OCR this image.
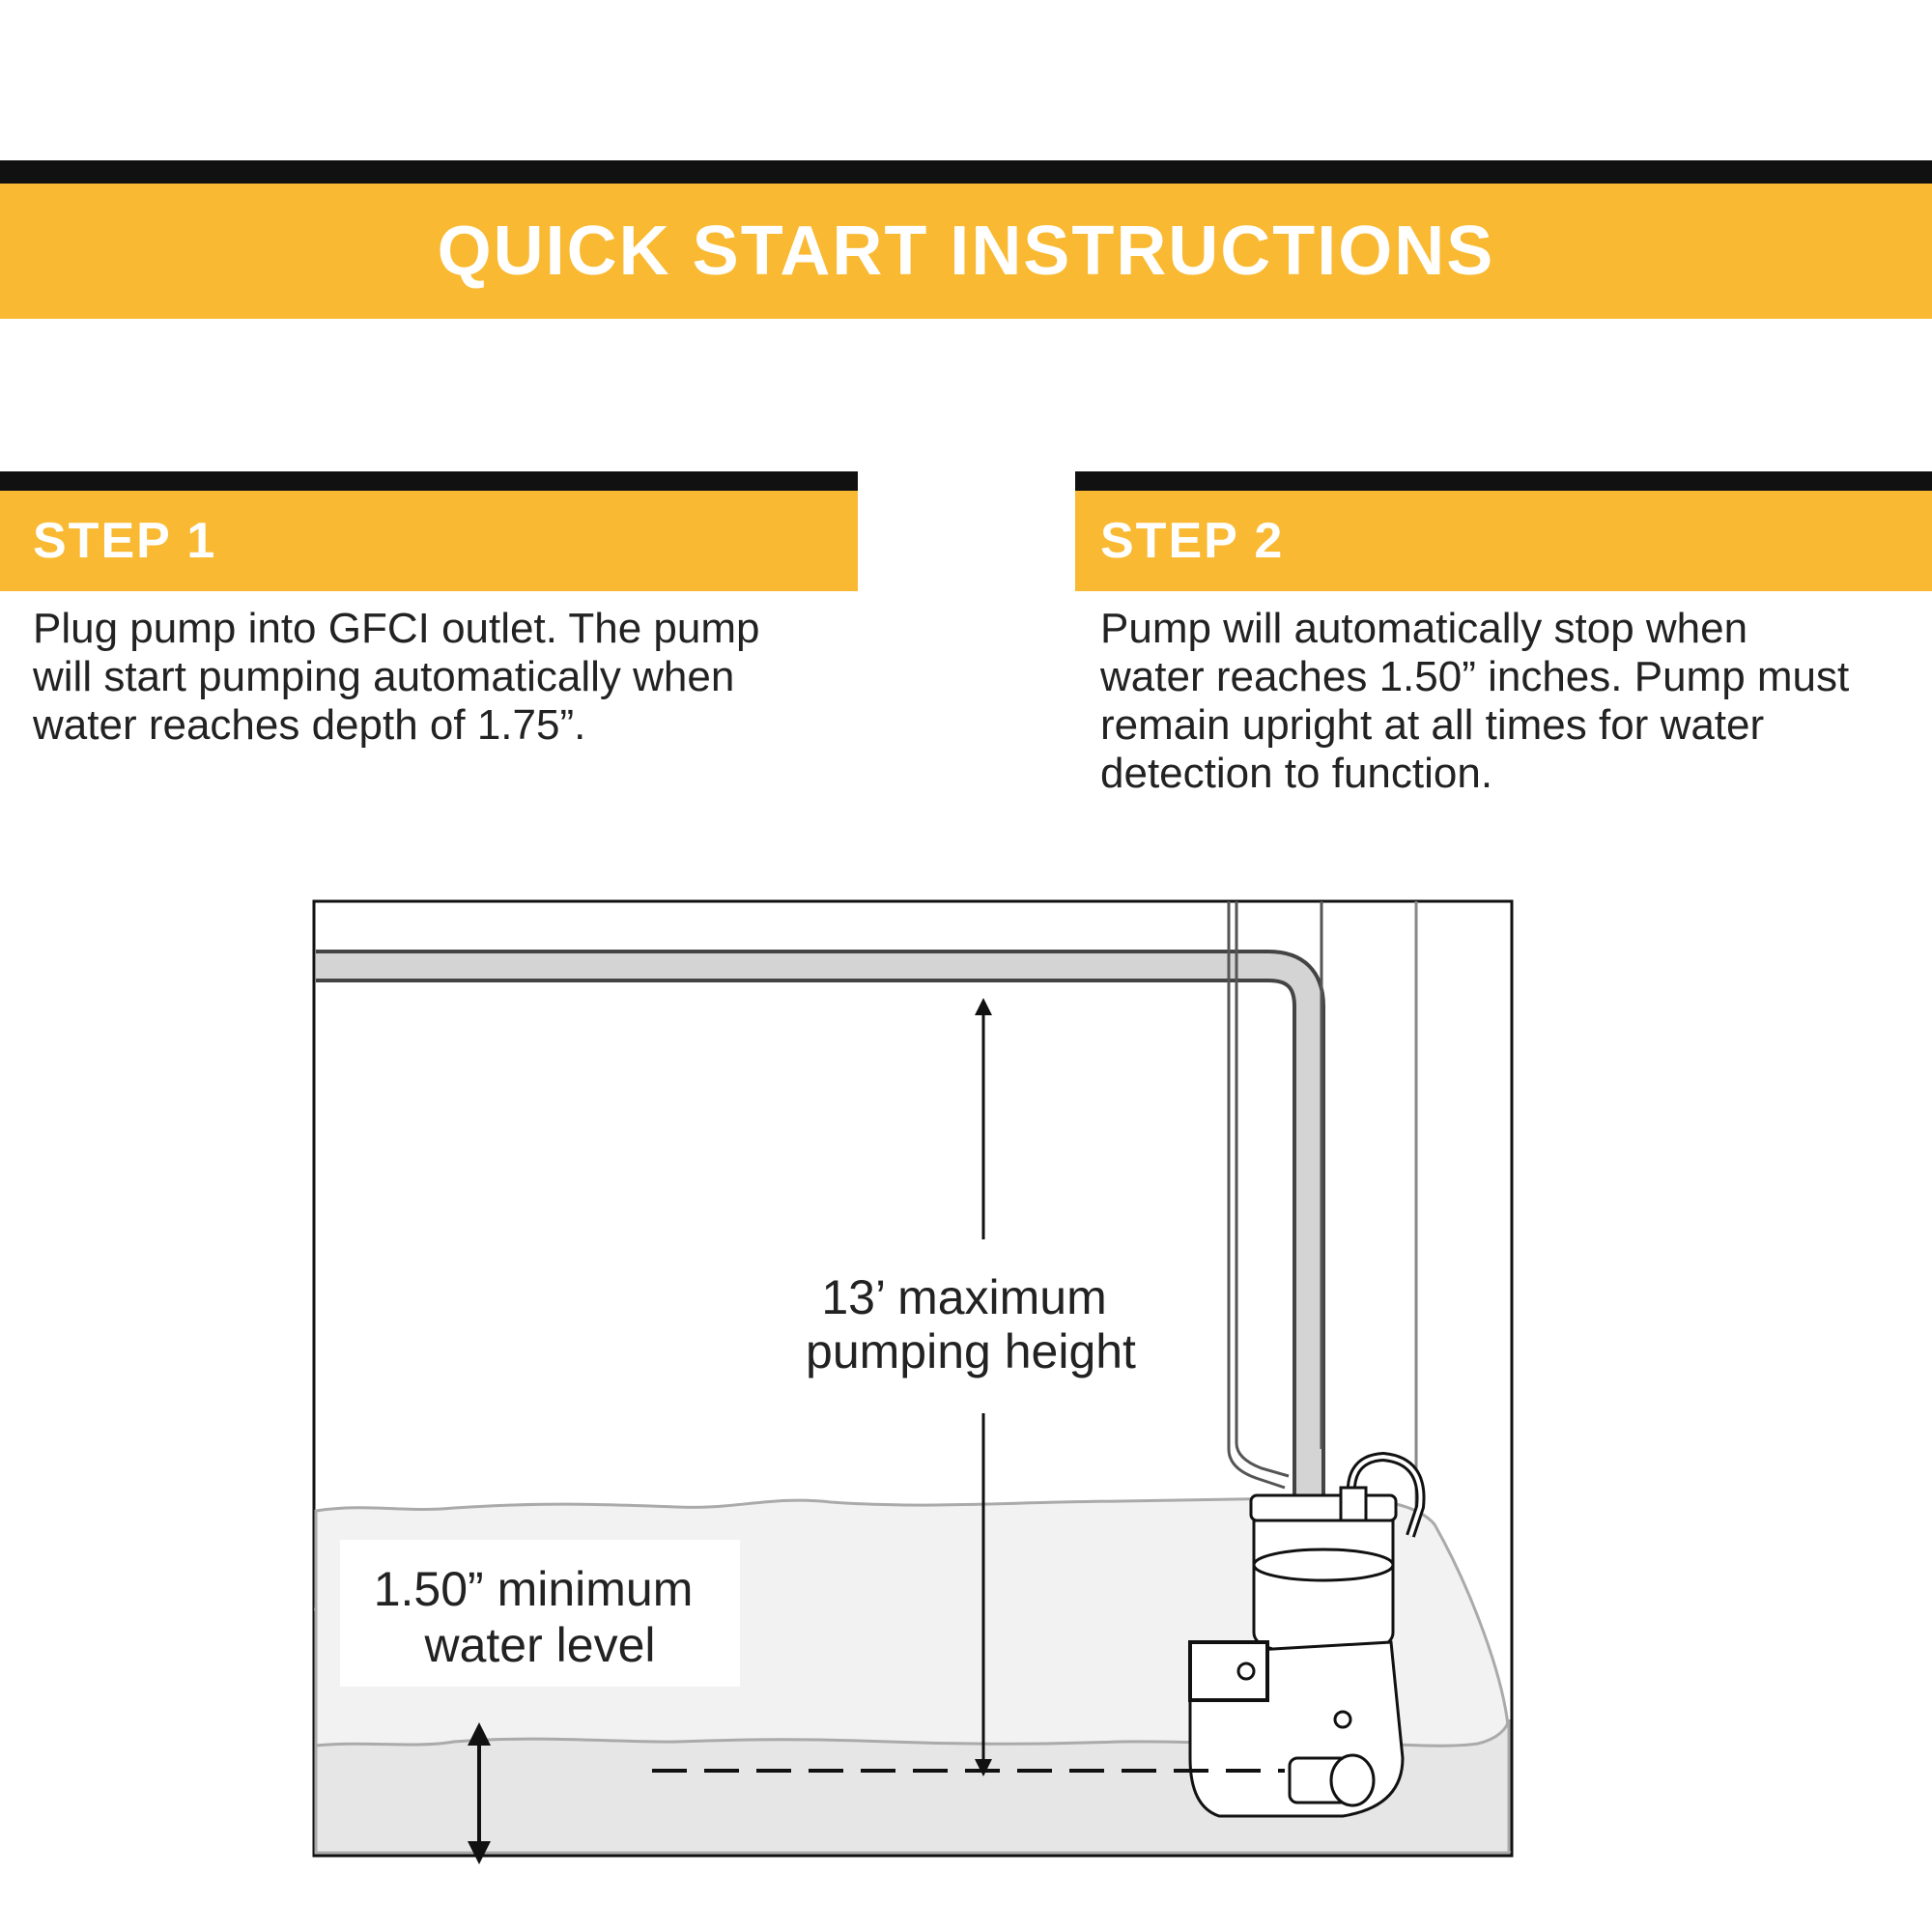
QUICK START INSTRUCTIONS
STEP 1
Plug pump into GFCI outlet. The pump
will start pumping automatically when
water reaches depth of 1.75”.
STEP 2
Pump will automatically stop when
water reaches 1.50” inches. Pump must
remain upright at all times for water
detection to function.
13’ maximum pumping height
1.50” minimum water level
